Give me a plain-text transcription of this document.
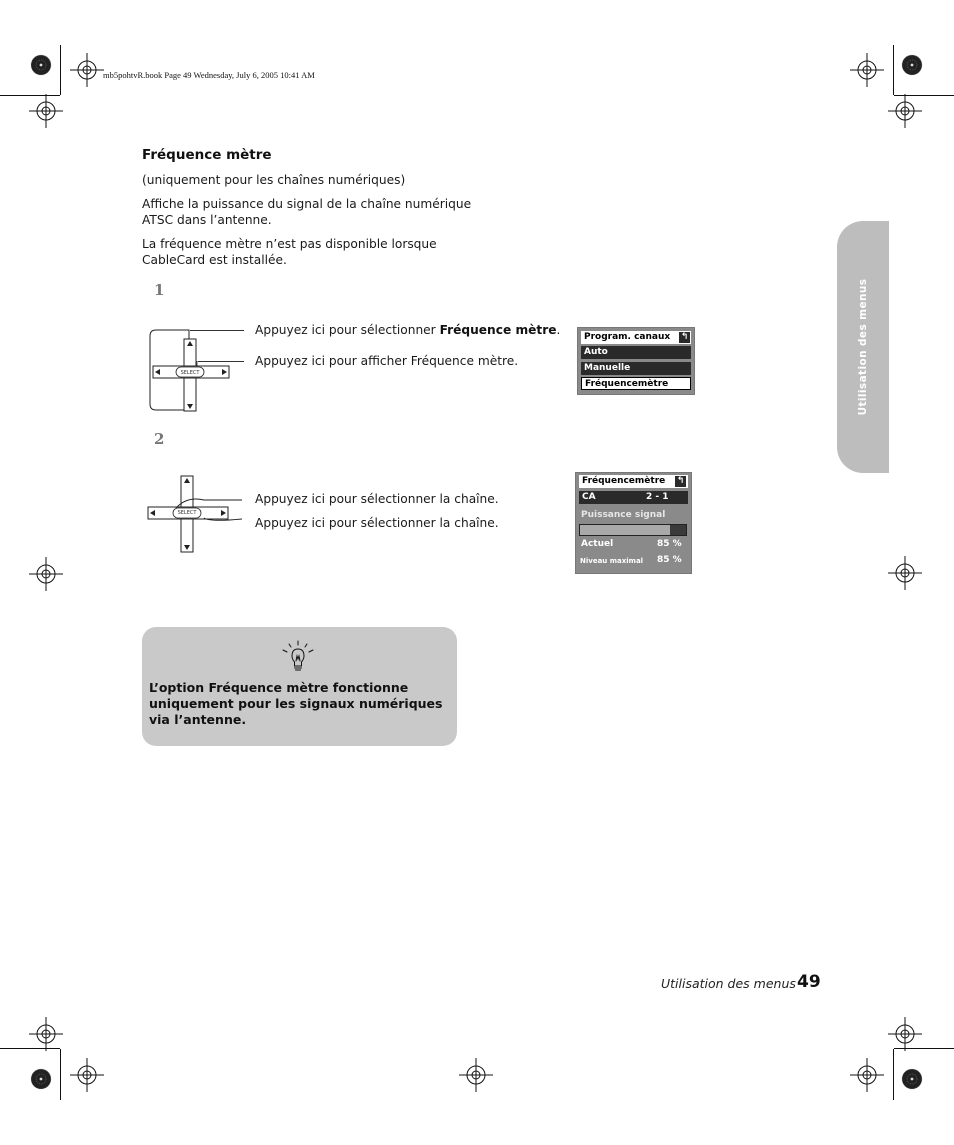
mb5pohtvR.book Page 49 Wednesday, July 6, 2005 10:41 AM
Fréquence mètre
(uniquement pour les chaînes numériques)
Affiche la puissance du signal de la chaîne numérique
ATSC dans l’antenne.
La fréquence mètre n’est pas disponible lorsque
CableCard est installée.
1
SELECT
Appuyez ici pour sélectionner Fréquence mètre.
Appuyez ici pour afficher Fréquence mètre.
Program. canaux ↰
Auto
Manuelle
Fréquencemètre
2
SELECT
Appuyez ici pour sélectionner la chaîne.
Appuyez ici pour sélectionner la chaîne.
Fréquencemètre ↰
CA	2 - 1
Puissance signal
Actuel	85 %
Niveau maximal 85 %
Utilisation des menus
L’option Fréquence mètre fonctionne
uniquement pour les signaux numériques
via l’antenne.
Utilisation des menus 49
